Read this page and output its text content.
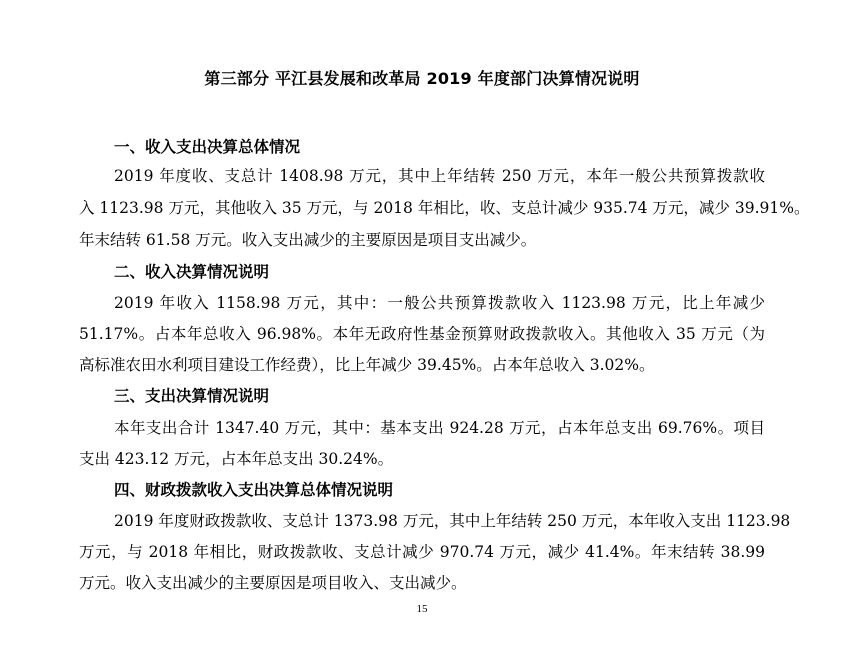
第三部分 平江县发展和改革局 2019 年度部门决算情况说明
一、收入支出决算总体情况
2019 年度收、支总计 1408.98 万元，其中上年结转 250 万元，本年一般公共预算拨款收
入 1123.98 万元，其他收入 35 万元，与 2018 年相比，收、支总计减少 935.74 万元，减少 39.91%。
年末结转 61.58 万元。收入支出减少的主要原因是项目支出减少。
二、收入决算情况说明
2019 年收入 1158.98 万元，其中：一般公共预算拨款收入 1123.98 万元，比上年减少
51.17%。占本年总收入 96.98%。本年无政府性基金预算财政拨款收入。其他收入 35 万元（为
高标准农田水利项目建设工作经费），比上年减少 39.45%。占本年总收入 3.02%。
三、支出决算情况说明
本年支出合计 1347.40 万元，其中：基本支出 924.28 万元，占本年总支出 69.76%。项目
支出 423.12 万元，占本年总支出 30.24%。
四、财政拨款收入支出决算总体情况说明
2019 年度财政拨款收、支总计 1373.98 万元，其中上年结转 250 万元，本年收入支出 1123.98
万元，与 2018 年相比，财政拨款收、支总计减少 970.74 万元，减少 41.4%。年末结转 38.99
万元。收入支出减少的主要原因是项目收入、支出减少。
15
